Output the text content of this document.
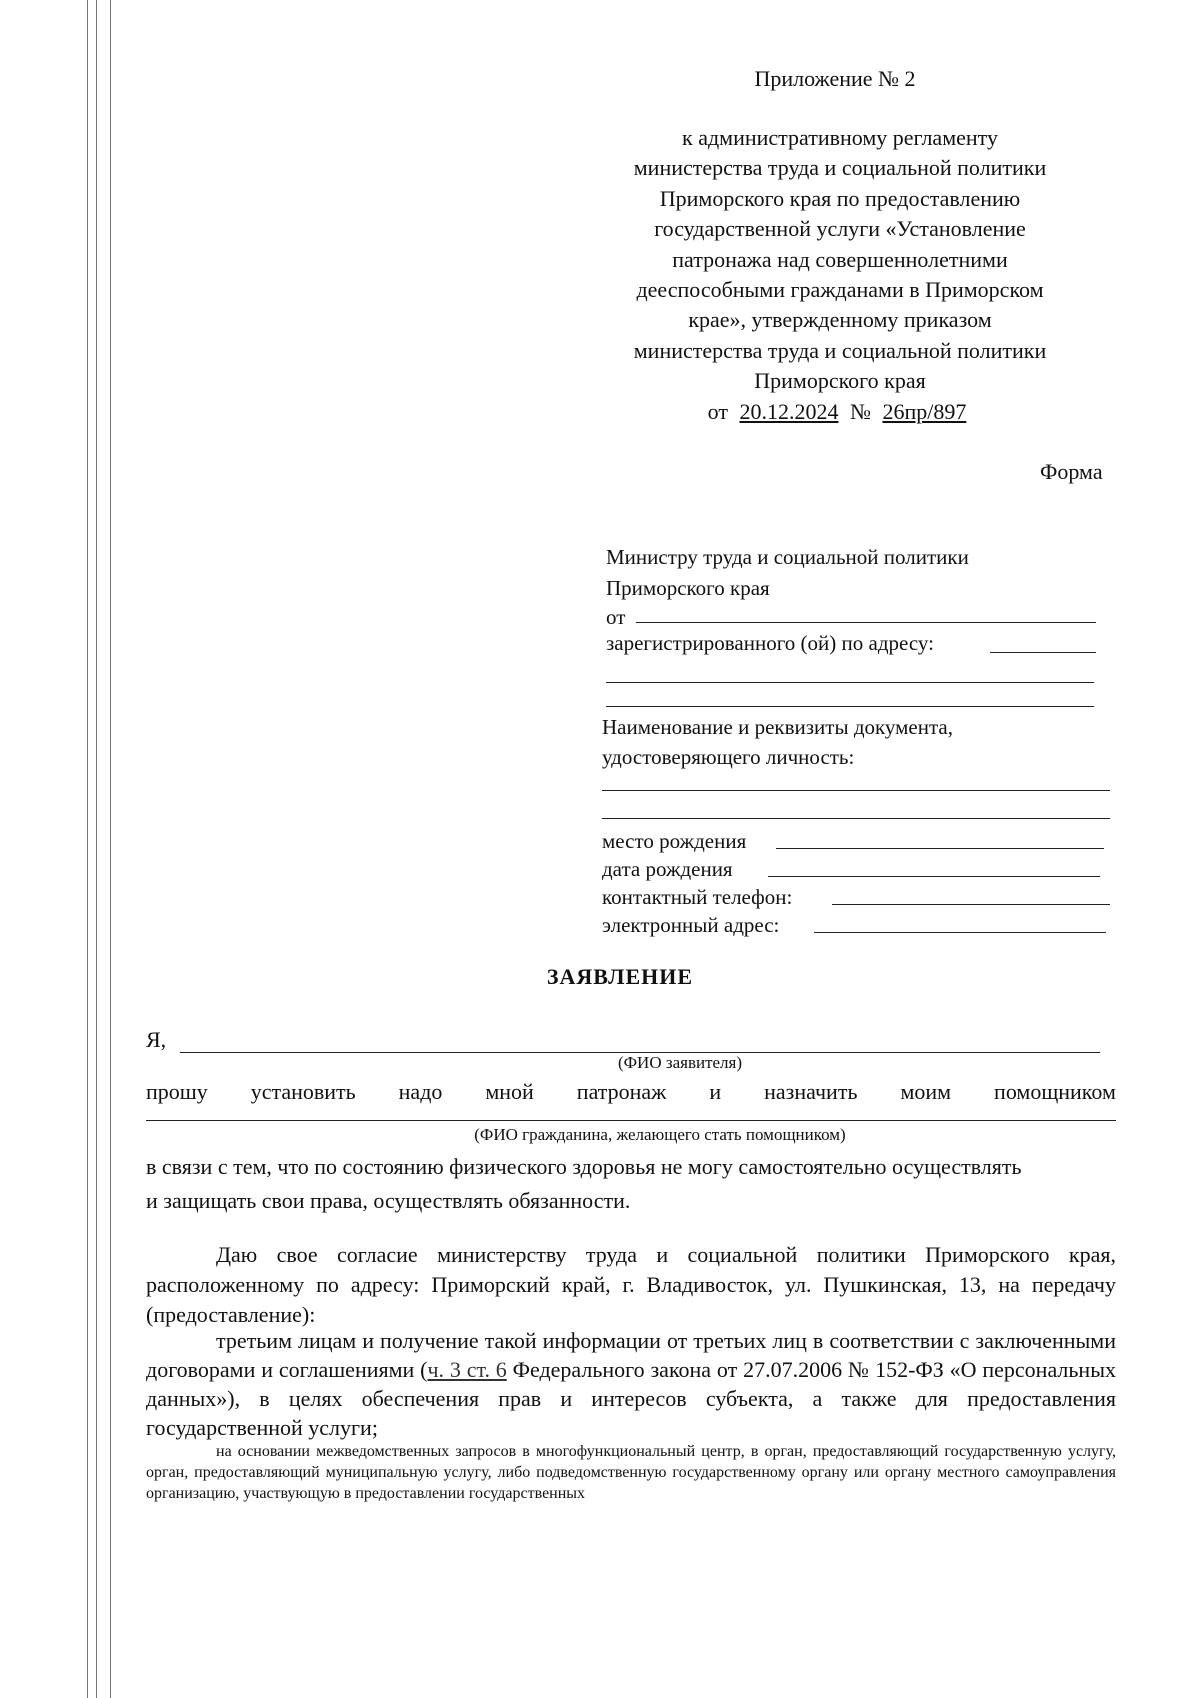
Приложение № 2
к административному регламенту
министерства труда и социальной политики
Приморского края по предоставлению
государственной услуги «Установление
патронажа над совершеннолетними
дееспособными гражданами в Приморском
крае», утвержденному приказом
министерства труда и социальной политики
Приморского края
от 20.12.2024 № 26пр/897
Форма
Министру труда и социальной политики
Приморского края
от
зарегистрированного (ой) по адресу:
Наименование и реквизиты документа,
удостоверяющего личность:
место рождения
дата рождения
контактный телефон:
электронный адрес:
ЗАЯВЛЕНИЕ
Я,
(ФИО заявителя)
прошу установить надо мной патронаж и назначить моим помощником
(ФИО гражданина, желающего стать помощником)
в связи с тем, что по состоянию физического здоровья не могу самостоятельно осуществлять
и защищать свои права, осуществлять обязанности.
Даю свое согласие министерству труда и социальной политики Приморского края, расположенному по адресу: Приморский край, г. Владивосток, ул. Пушкинская, 13, на передачу (предоставление):
третьим лицам и получение такой информации от третьих лиц в соответствии с заключенными договорами и соглашениями (ч. 3 ст. 6 Федерального закона от 27.07.2006 № 152-ФЗ «О персональных данных»), в целях обеспечения прав и интересов субъекта, а также для предоставления государственной услуги;
на основании межведомственных запросов в многофункциональный центр, в орган, предоставляющий государственную услугу, орган, предоставляющий муниципальную услугу, либо подведомственную государственному органу или органу местного самоуправления организацию, участвующую в предоставлении государственных
